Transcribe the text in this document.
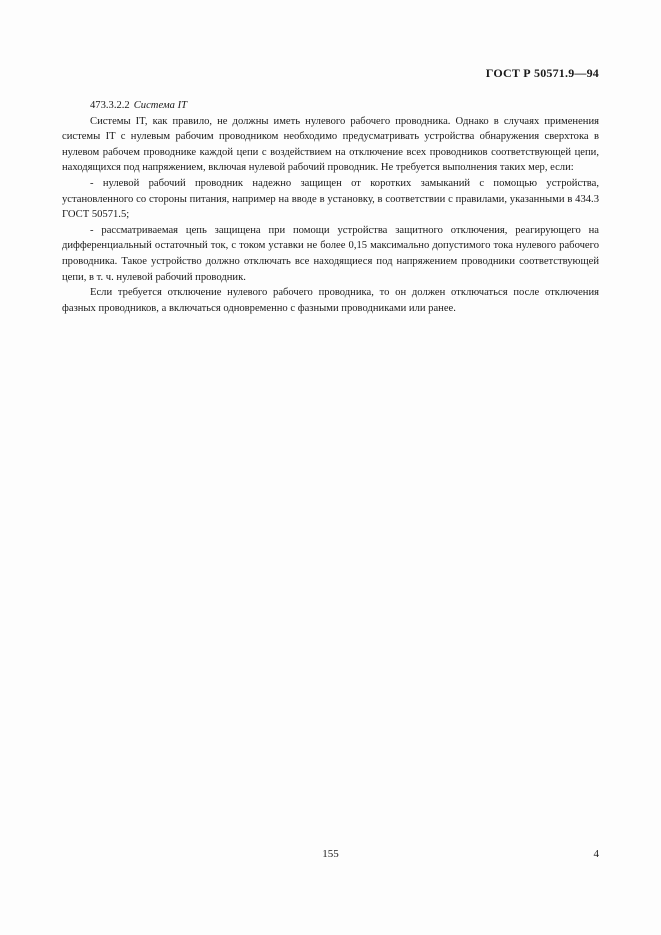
ГОСТ Р 50571.9—94

473.3.2.2 Система IT

Системы IT, как правило, не должны иметь нулевого рабочего проводника. Однако в случаях применения системы IT с нулевым рабочим проводником необходимо предусматривать устройства обнаружения сверхтока в нулевом рабочем проводнике каждой цепи с воздействием на отключение всех проводников соответствующей цепи, находящихся под напряжением, включая нулевой рабочий проводник. Не требуется выполнения таких мер, если:

- нулевой рабочий проводник надежно защищен от коротких замыканий с помощью устройства, установленного со стороны питания, например на вводе в установку, в соответствии с правилами, указанными в 434.3 ГОСТ 50571.5;

- рассматриваемая цепь защищена при помощи устройства защитного отключения, реагирующего на дифференциальный остаточный ток, с током уставки не более 0,15 максимально допустимого тока нулевого рабочего проводника. Такое устройство должно отключать все находящиеся под напряжением проводники соответствующей цепи, в т. ч. нулевой рабочий проводник.

Если требуется отключение нулевого рабочего проводника, то он должен отключаться после отключения фазных проводников, а включаться одновременно с фазными проводниками или ранее.

155	4
